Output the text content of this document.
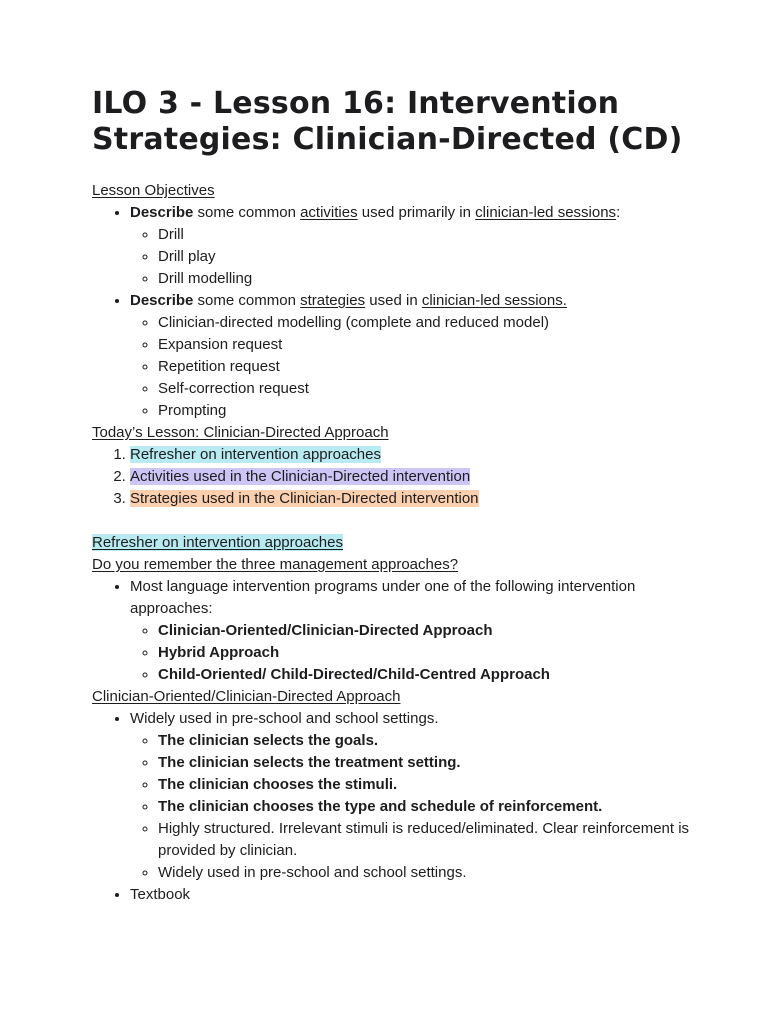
ILO 3 - Lesson 16: Intervention Strategies: Clinician-Directed (CD)
Lesson Objectives
• Describe some common activities used primarily in clinician-led sessions:
◦ Drill
◦ Drill play
◦ Drill modelling
• Describe some common strategies used in clinician-led sessions.
◦ Clinician-directed modelling (complete and reduced model)
◦ Expansion request
◦ Repetition request
◦ Self-correction request
◦ Prompting
Today’s Lesson: Clinician-Directed Approach
1. Refresher on intervention approaches
2. Activities used in the Clinician-Directed intervention
3. Strategies used in the Clinician-Directed intervention
Refresher on intervention approaches
Do you remember the three management approaches?
• Most language intervention programs under one of the following intervention approaches:
◦ Clinician-Oriented/Clinician-Directed Approach
◦ Hybrid Approach
◦ Child-Oriented/ Child-Directed/Child-Centred Approach
Clinician-Oriented/Clinician-Directed Approach
• Widely used in pre-school and school settings.
◦ The clinician selects the goals.
◦ The clinician selects the treatment setting.
◦ The clinician chooses the stimuli.
◦ The clinician chooses the type and schedule of reinforcement.
◦ Highly structured. Irrelevant stimuli is reduced/eliminated. Clear reinforcement is provided by clinician.
◦ Widely used in pre-school and school settings.
• Textbook
